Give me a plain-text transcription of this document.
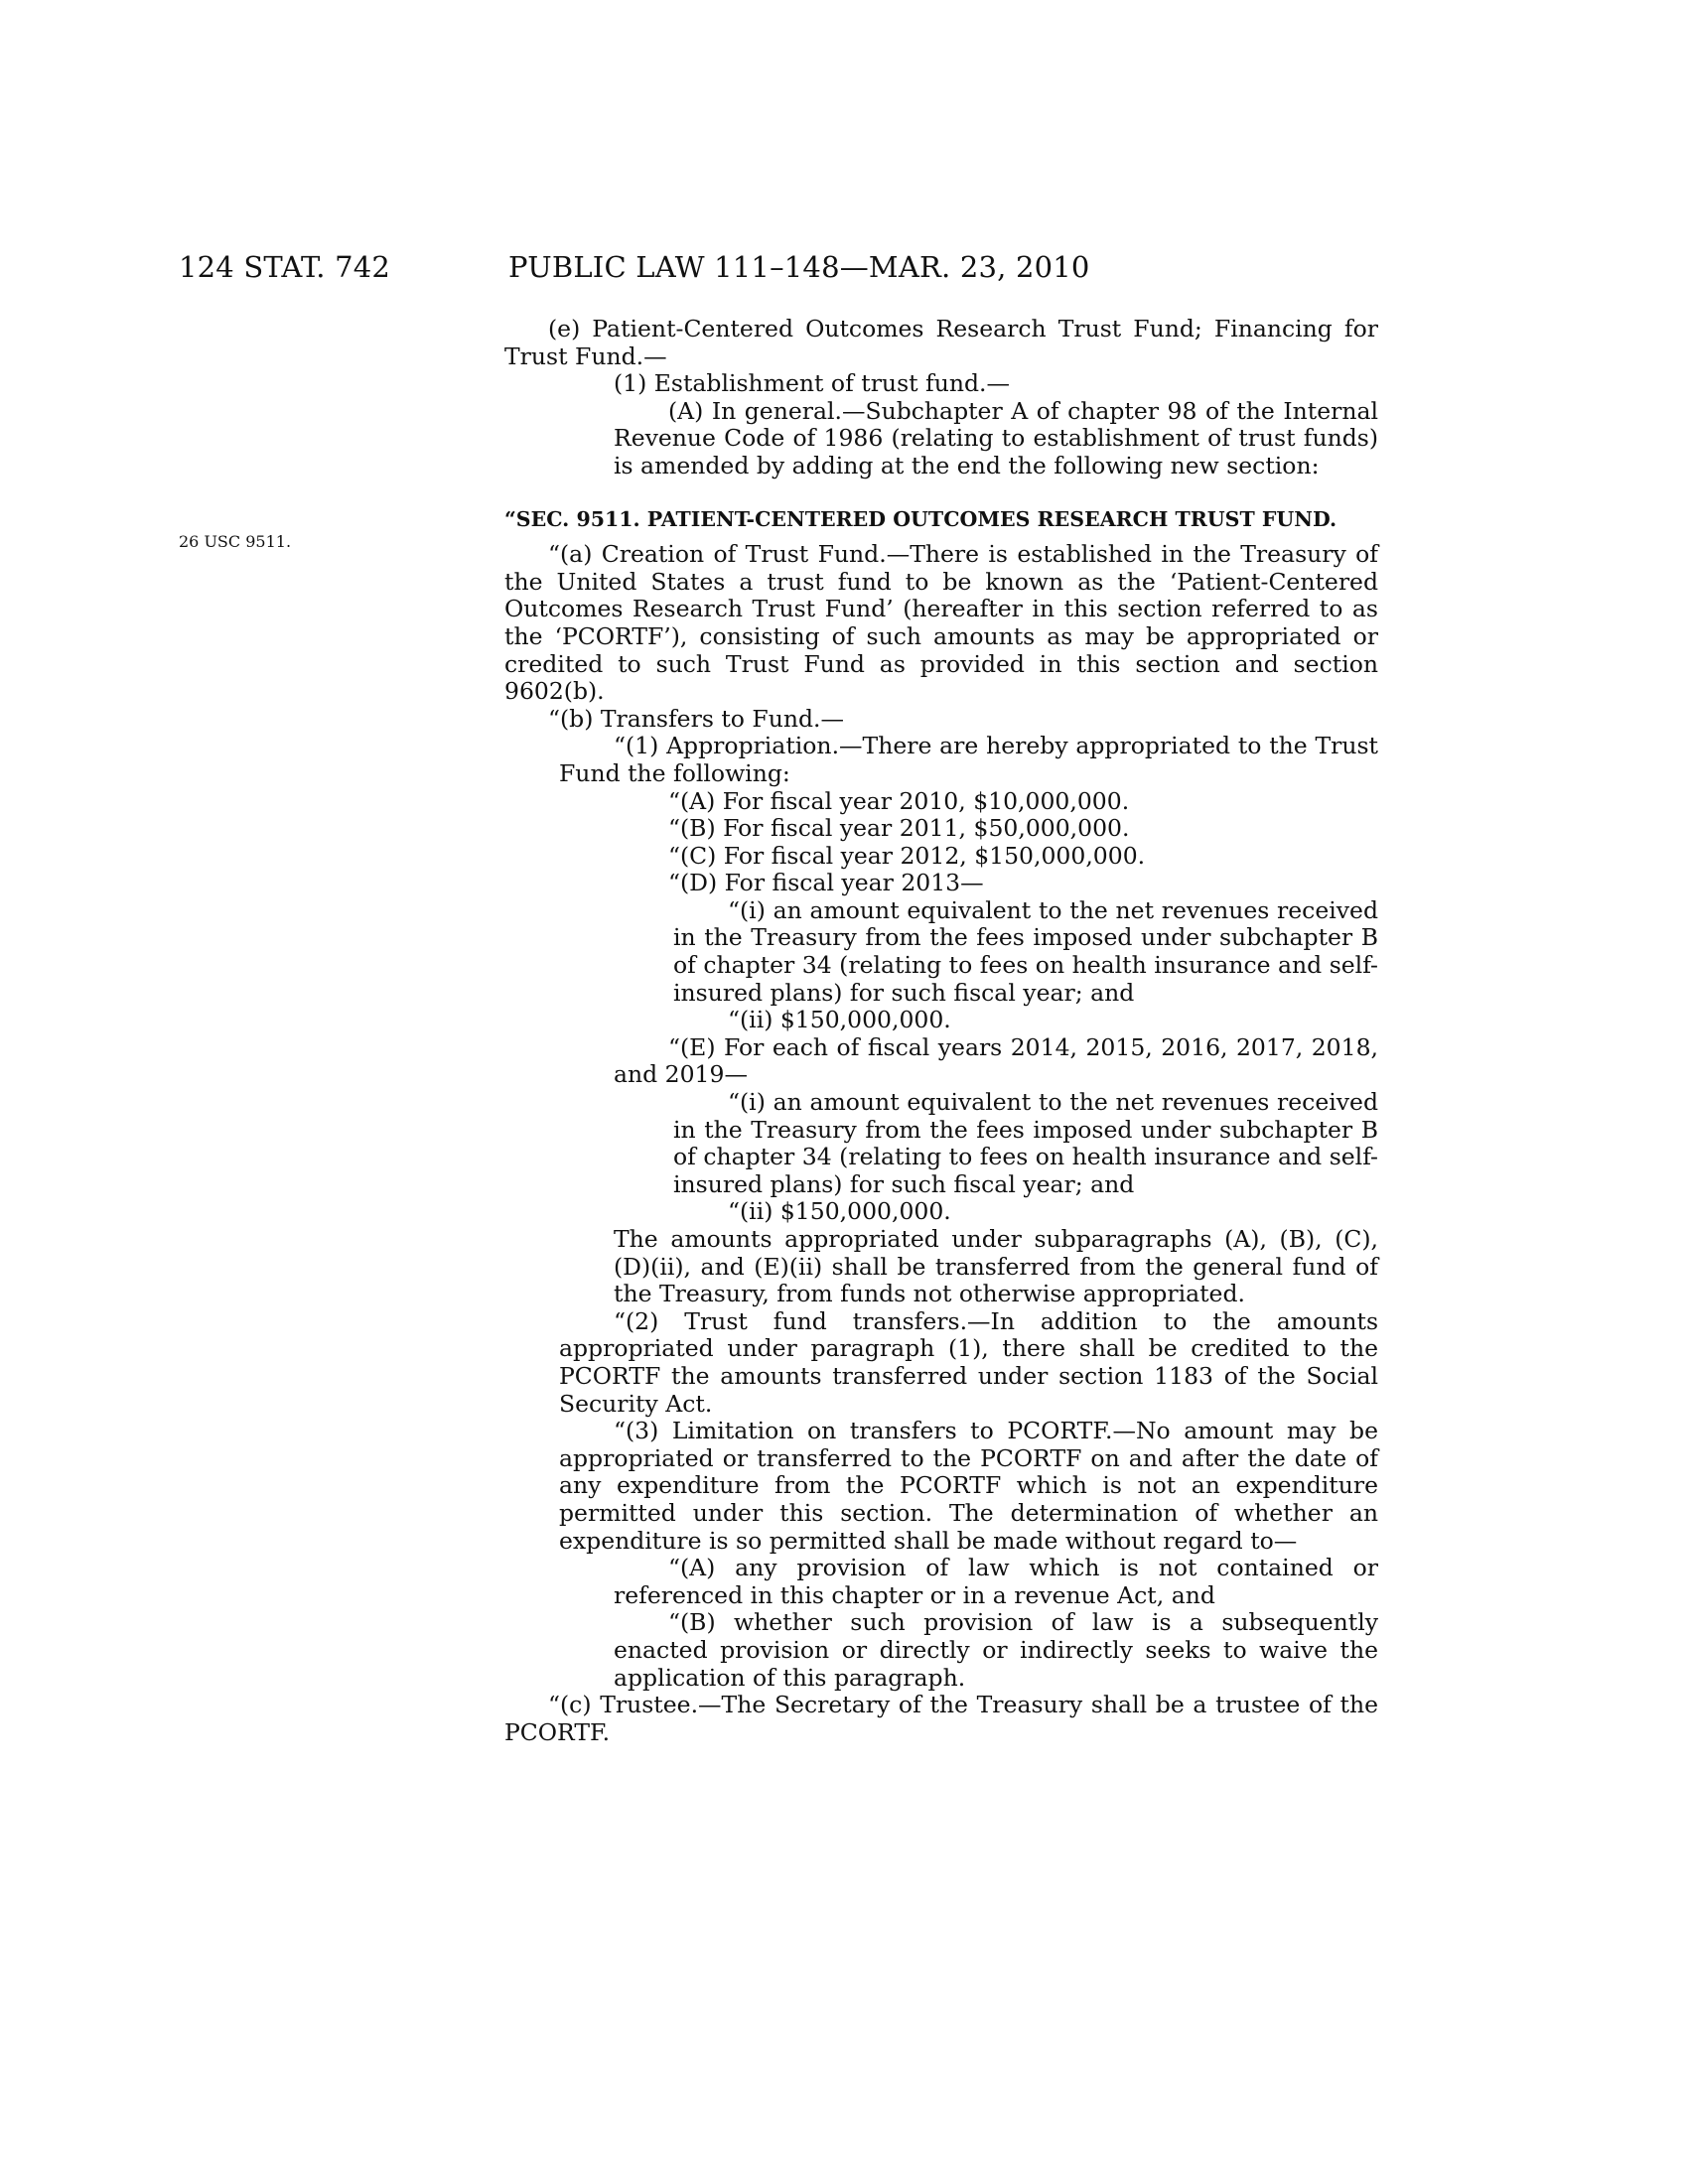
124 STAT. 742	PUBLIC LAW 111–148—MAR. 23, 2010
26 USC 9511.

(e) Patient-Centered Outcomes Research Trust Fund; Financing for Trust Fund.—

(1) Establishment of trust fund.—

(A) In general.—Subchapter A of chapter 98 of the Internal Revenue Code of 1986 (relating to establishment of trust funds) is amended by adding at the end the following new section:

“SEC. 9511. PATIENT-CENTERED OUTCOMES RESEARCH TRUST FUND.

“(a) Creation of Trust Fund.—There is established in the Treasury of the United States a trust fund to be known as the ‘Patient-Centered Outcomes Research Trust Fund’ (hereafter in this section referred to as the ‘PCORTF’), consisting of such amounts as may be appropriated or credited to such Trust Fund as provided in this section and section 9602(b).

“(b) Transfers to Fund.—

“(1) Appropriation.—There are hereby appropriated to the Trust Fund the following:

“(A) For fiscal year 2010, $10,000,000.

“(B) For fiscal year 2011, $50,000,000.

“(C) For fiscal year 2012, $150,000,000.

“(D) For fiscal year 2013—

“(i) an amount equivalent to the net revenues received in the Treasury from the fees imposed under subchapter B of chapter 34 (relating to fees on health insurance and self-insured plans) for such fiscal year; and

“(ii) $150,000,000.

“(E) For each of fiscal years 2014, 2015, 2016, 2017, 2018, and 2019—

“(i) an amount equivalent to the net revenues received in the Treasury from the fees imposed under subchapter B of chapter 34 (relating to fees on health insurance and self-insured plans) for such fiscal year; and

“(ii) $150,000,000.

The amounts appropriated under subparagraphs (A), (B), (C), (D)(ii), and (E)(ii) shall be transferred from the general fund of the Treasury, from funds not otherwise appropriated.

“(2) Trust fund transfers.—In addition to the amounts appropriated under paragraph (1), there shall be credited to the PCORTF the amounts transferred under section 1183 of the Social Security Act.

“(3) Limitation on transfers to PCORTF.—No amount may be appropriated or transferred to the PCORTF on and after the date of any expenditure from the PCORTF which is not an expenditure permitted under this section. The determination of whether an expenditure is so permitted shall be made without regard to—

“(A) any provision of law which is not contained or referenced in this chapter or in a revenue Act, and

“(B) whether such provision of law is a subsequently enacted provision or directly or indirectly seeks to waive the application of this paragraph.

“(c) Trustee.—The Secretary of the Treasury shall be a trustee of the PCORTF.
